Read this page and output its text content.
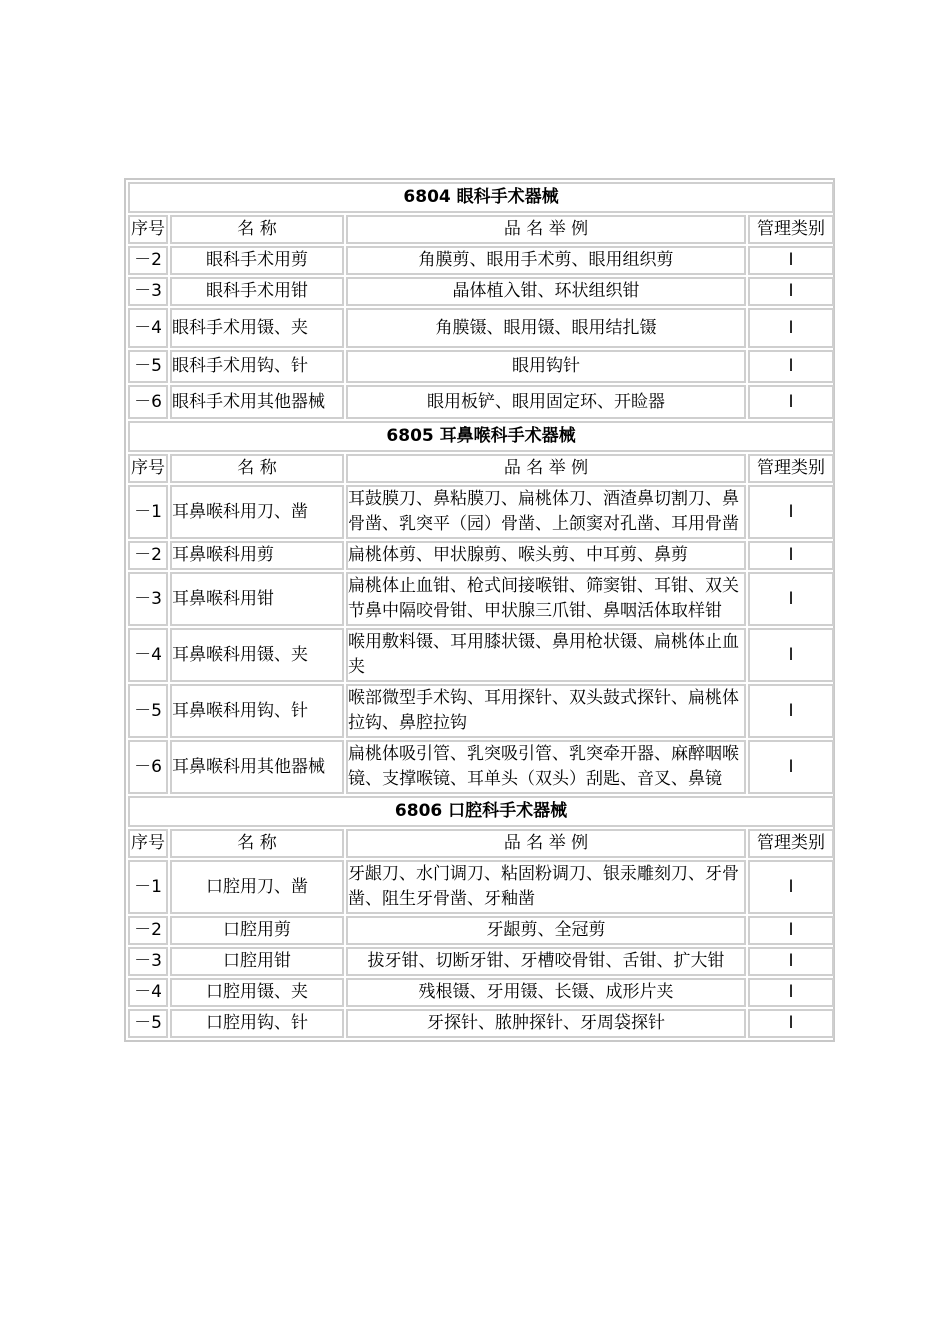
6804 眼科手术器械			
序号	名 称	品 名 举 例	管理类别
－2	眼科手术用剪	角膜剪、眼用手术剪、眼用组织剪	Ⅰ
－3	眼科手术用钳	晶体植入钳、环状组织钳	Ⅰ
－4	眼科手术用镊、夹	角膜镊、眼用镊、眼用结扎镊	Ⅰ
－5	眼科手术用钩、针	眼用钩针	Ⅰ
－6	眼科手术用其他器械	眼用板铲、眼用固定环、开睑器	Ⅰ
6805 耳鼻喉科手术器械			
序号	名 称	品 名 举 例	管理类别
－1	耳鼻喉科用刀、凿	耳鼓膜刀、鼻粘膜刀、扁桃体刀、酒渣鼻切割刀、鼻骨凿、乳突平（园）骨凿、上颌窦对孔凿、耳用骨凿	Ⅰ
－2	耳鼻喉科用剪	扁桃体剪、甲状腺剪、喉头剪、中耳剪、鼻剪	Ⅰ
－3	耳鼻喉科用钳	扁桃体止血钳、枪式间接喉钳、筛窦钳、耳钳、双关节鼻中隔咬骨钳、甲状腺三爪钳、鼻咽活体取样钳	Ⅰ
－4	耳鼻喉科用镊、夹	喉用敷料镊、耳用膝状镊、鼻用枪状镊、扁桃体止血夹	Ⅰ
－5	耳鼻喉科用钩、针	喉部微型手术钩、耳用探针、双头鼓式探针、扁桃体拉钩、鼻腔拉钩	Ⅰ
－6	耳鼻喉科用其他器械	扁桃体吸引管、乳突吸引管、乳突牵开器、麻醉咽喉镜、支撑喉镜、耳单头（双头）刮匙、音叉、鼻镜	Ⅰ
6806 口腔科手术器械			
序号	名 称	品 名 举 例	管理类别
－1	口腔用刀、凿	牙龈刀、水门调刀、粘固粉调刀、银汞雕刻刀、牙骨凿、阻生牙骨凿、牙釉凿	Ⅰ
－2	口腔用剪	牙龈剪、全冠剪	Ⅰ
－3	口腔用钳	拔牙钳、切断牙钳、牙槽咬骨钳、舌钳、扩大钳	Ⅰ
－4	口腔用镊、夹	残根镊、牙用镊、长镊、成形片夹	Ⅰ
－5	口腔用钩、针	牙探针、脓肿探针、牙周袋探针	Ⅰ
